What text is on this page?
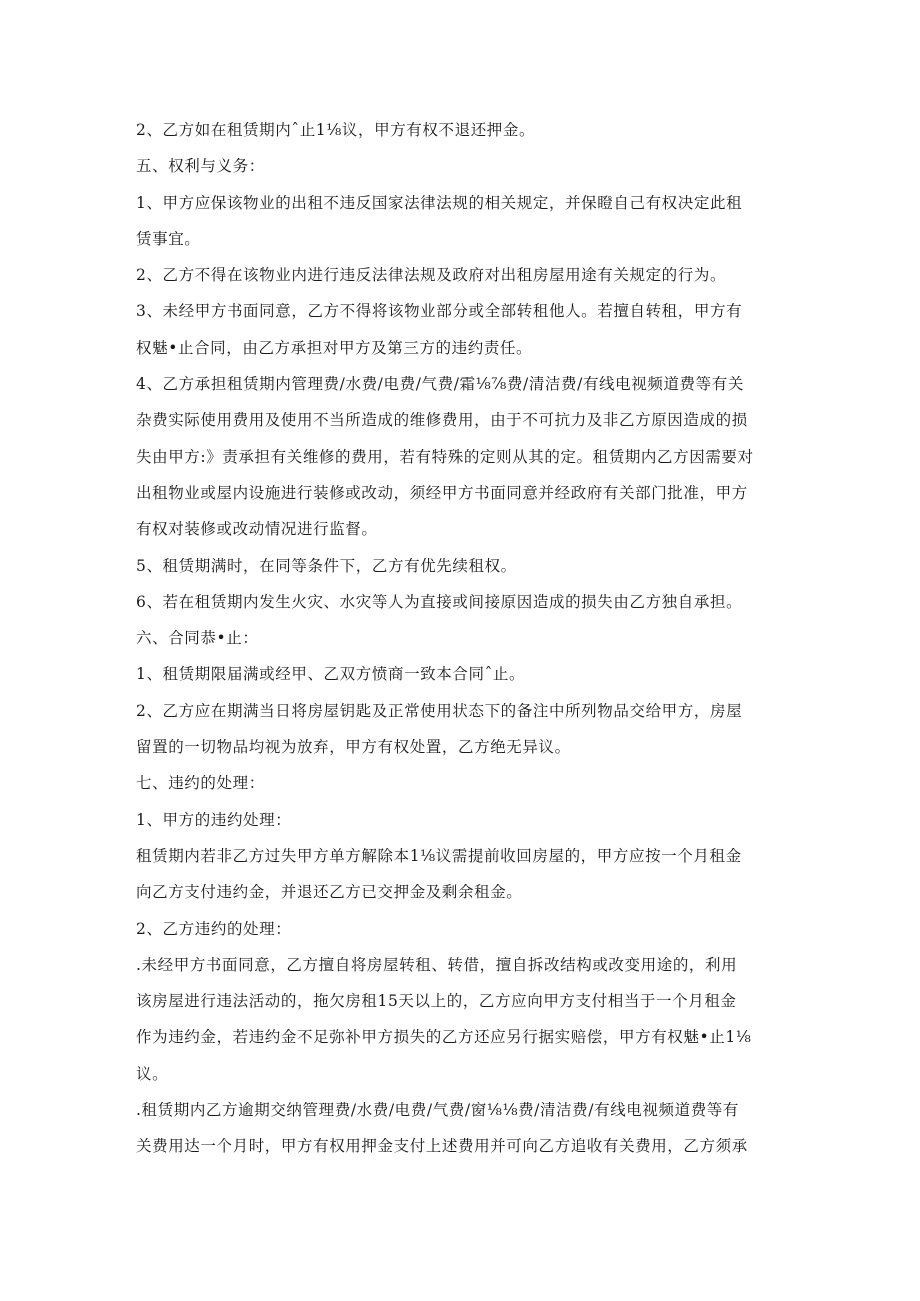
2、乙方如在租赁期内ˆ止1⅛议，甲方有权不退还押金。

五、权利与义务：

1、甲方应保该物业的出租不违反国家法律法规的相关规定，并保瞪自己有权决定此租

赁事宜。

2、乙方不得在该物业内进行违反法律法规及政府对出租房屋用途有关规定的行为。

3、未经甲方书面同意，乙方不得将该物业部分或全部转租他人。若擅自转租，甲方有

权魅•止合同，由乙方承担对甲方及第三方的违约责任。

4、乙方承担租赁期内管理费/水费/电费/气费/霜⅛⅞费/清洁费/有线电视频道费等有关

杂费实际使用费用及使用不当所造成的维修费用，由于不可抗力及非乙方原因造成的损

失由甲方:》责承担有关维修的费用，若有特殊的定则从其的定。租赁期内乙方因需要对

出租物业或屋内设施进行装修或改动，须经甲方书面同意并经政府有关部门批准，甲方

有权对装修或改动情况进行监督。

5、租赁期满时，在同等条件下，乙方有优先续租权。

6、若在租赁期内发生火灾、水灾等人为直接或间接原因造成的损失由乙方独自承担。

六、合同恭•止：

1、租赁期限届满或经甲、乙双方愤商一致本合同ˆ止。

2、乙方应在期满当日将房屋钥匙及正常使用状态下的备注中所列物品交给甲方，房屋

留置的一切物品均视为放弃，甲方有权处置，乙方绝无异议。

七、违约的处理：

1、甲方的违约处理：

租赁期内若非乙方过失甲方单方解除本1⅛议需提前收回房屋的，甲方应按一个月租金

向乙方支付违约金，并退还乙方已交押金及剩余租金。

2、乙方违约的处理：

.未经甲方书面同意，乙方擅自将房屋转租、转借，擅自拆改结构或改变用途的，利用

该房屋进行违法活动的，拖欠房租15天以上的，乙方应向甲方支付相当于一个月租金

作为违约金，若违约金不足弥补甲方损失的乙方还应另行据实赔偿，甲方有权魅•止1⅛

议。

.租赁期内乙方逾期交纳管理费/水费/电费/气费/窗⅛⅛费/清洁费/有线电视频道费等有

关费用达一个月时，甲方有权用押金支付上述费用并可向乙方追收有关费用，乙方须承
